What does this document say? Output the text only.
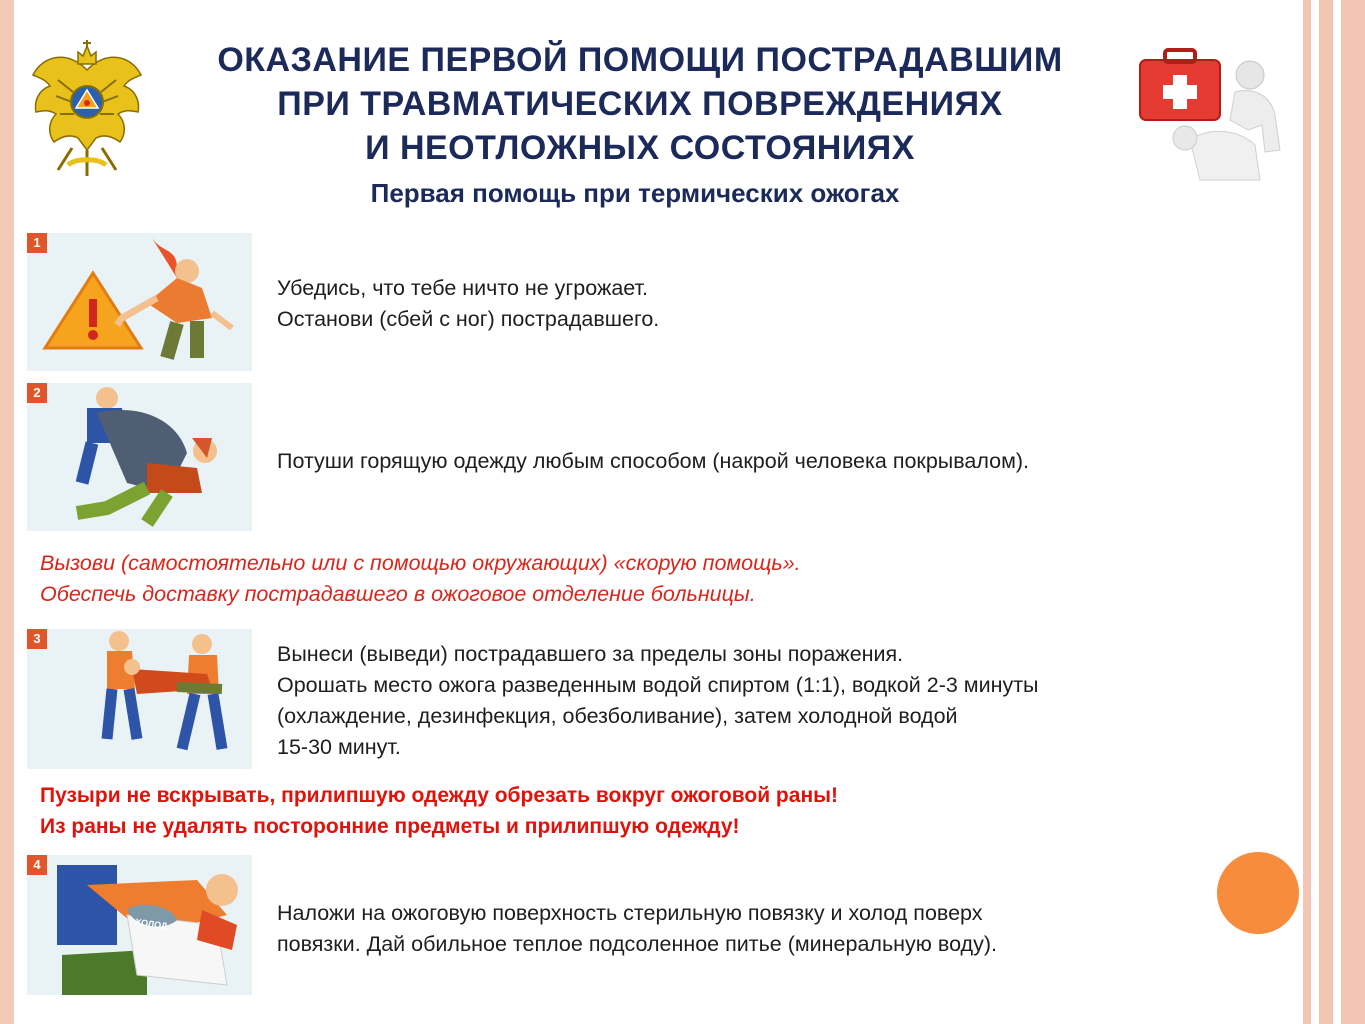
ОКАЗАНИЕ ПЕРВОЙ ПОМОЩИ ПОСТРАДАВШИМ
ПРИ ТРАВМАТИЧЕСКИХ ПОВРЕЖДЕНИЯХ
И НЕОТЛОЖНЫХ СОСТОЯНИЯХ
Первая помощь при термических ожогах
1
Убедись, что тебе ничто не угрожает.
Останови (сбей с ног) пострадавшего.
2
Потуши горящую одежду любым способом (накрой человека покрывалом).
Вызови (самостоятельно или с помощью окружающих) «скорую помощь».
Обеспечь доставку пострадавшего в ожоговое отделение больницы.
3
Вынеси (выведи) пострадавшего за пределы зоны поражения.
Орошать место ожога разведенным водой спиртом (1:1), водкой 2-3 минуты
(охлаждение, дезинфекция, обезболивание), затем холодной водой
15-30 минут.
Пузыри не вскрывать, прилипшую одежду обрезать вокруг ожоговой раны!
Из раны не удалять посторонние предметы и прилипшую одежду!
4
ХОЛОД	Наложи на ожоговую поверхность стерильную повязку и холод поверх
повязки. Дай обильное теплое подсоленное питье (минеральную воду).
